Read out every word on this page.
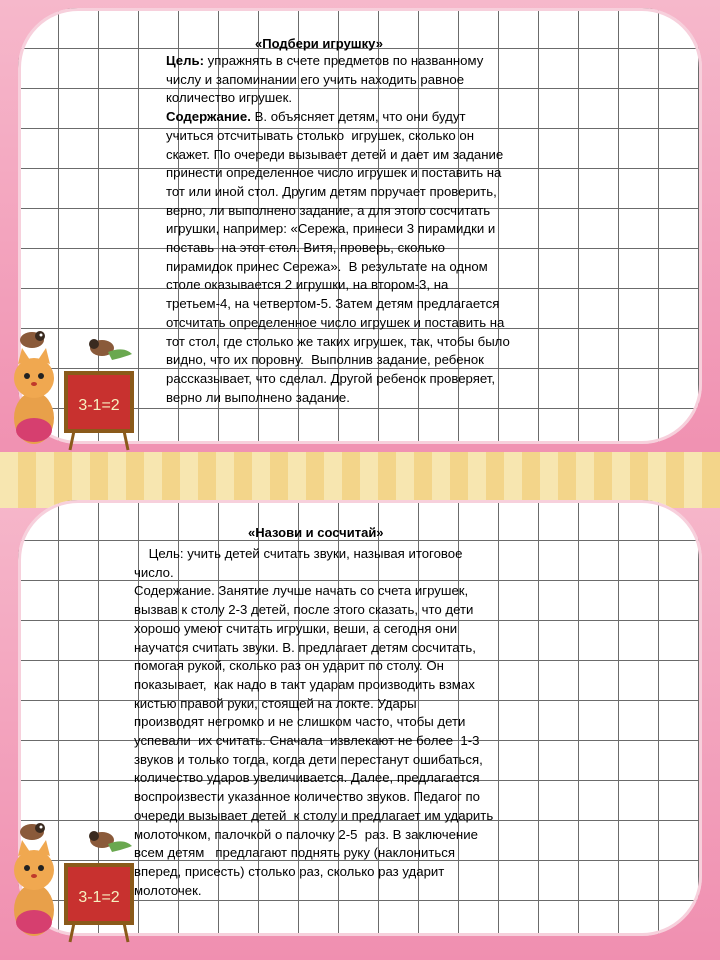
«Подбери игрушку»

Цель: упражнять в счете предметов по названному

числу и запоминании его учить находить равное

количество игрушек.

Содержание. В. объясняет детям, что они будут

учиться отсчитывать столько  игрушек, сколько он

скажет. По очереди вызывает детей и дает им задание

принести определенное число игрушек и поставить на

тот или иной стол. Другим детям поручает проверить,

верно, ли выполнено задание, а для этого сосчитать

игрушки, например: «Сережа, принеси 3 пирамидки и

поставь  на этот стол. Витя, проверь, сколько

пирамидок принес Сережа».  В результате на одном

столе оказывается 2 игрушки, на втором-3, на

третьем-4, на четвертом-5. Затем детям предлагается

отсчитать определенное число игрушек и поставить на

тот стол, где столько же таких игрушек, так, чтобы было

видно, что их поровну.  Выполнив задание, ребенок

рассказывает, что сделал. Другой ребенок проверяет,

верно ли выполнено задание.

3-1=2
«Назови и сосчитай»

Цель: учить детей считать звуки, называя итоговое

число.

Содержание. Занятие лучше начать со счета игрушек,

вызвав к столу 2-3 детей, после этого сказать, что дети

хорошо умеют считать игрушки, веши, а сегодня они

научатся считать звуки. В. предлагает детям сосчитать,

помогая рукой, сколько раз он ударит по столу. Он

показывает,  как надо в такт ударам производить взмах

кистью правой руки, стоящей на локте. Удары

производят негромко и не слишком часто, чтобы дети

успевали  их считать. Сначала  извлекают не более  1-3

звуков и только тогда, когда дети перестанут ошибаться,

количество ударов увеличивается. Далее, предлагается

воспроизвести указанное количество звуков. Педагог по

очереди вызывает детей  к столу и предлагает им ударить

молоточком, палочкой о палочку 2-5  раз. В заключение

всем детям   предлагают поднять руку (наклониться

вперед, присесть) столько раз, сколько раз ударит

молоточек.

3-1=2
